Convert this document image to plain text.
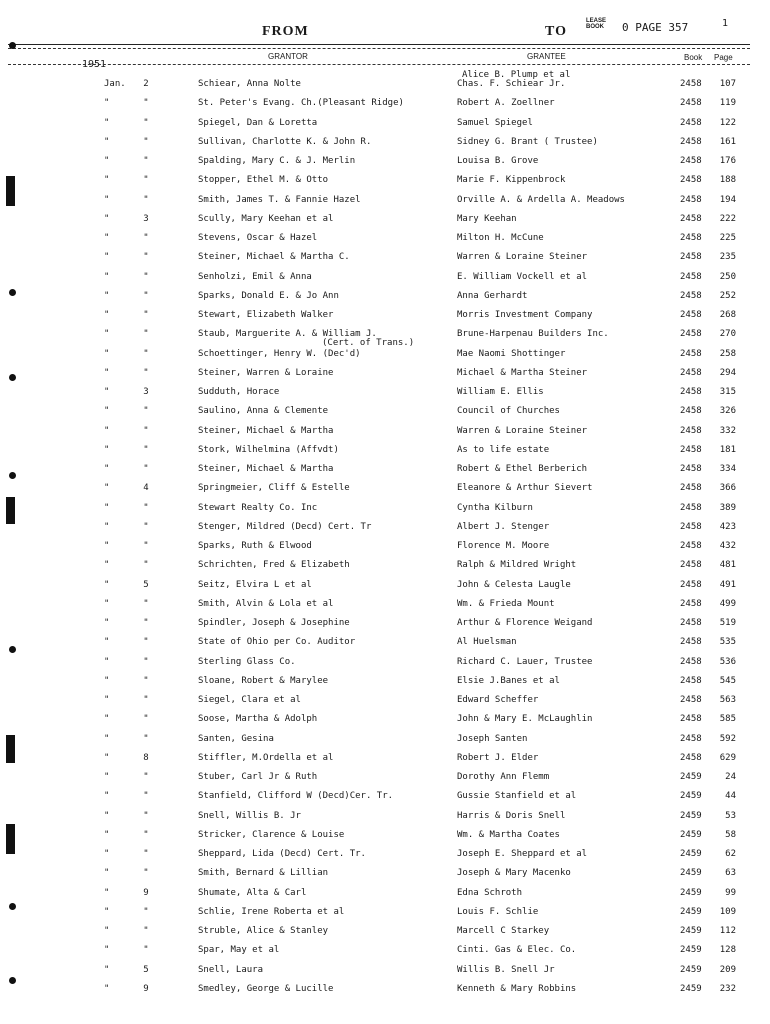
FROM	TO
LEASE BOOK 0 PAGE 357	1
GRANTOR	GRANTEE	Book Page
1951
Jan.	2	Schiear, Anna Nolte	Chas. F. Schiear Jr.	2458	107
Alice B. Plump et al
"	"	St. Peter's Evang. Ch.(Pleasant Ridge)	Robert A. Zoellner	2458	119
"	"	Spiegel, Dan & Loretta	Samuel Spiegel	2458	122
"	"	Sullivan, Charlotte K. & John R.	Sidney G. Brant ( Trustee)	2458	161
"	"	Spalding, Mary C. & J. Merlin	Louisa B. Grove	2458	176
"	"	Stopper, Ethel M. & Otto	Marie F. Kippenbrock	2458	188
"	"	Smith, James T. & Fannie Hazel	Orville A. & Ardella A. Meadows	2458	194
"	3	Scully, Mary Keehan et al	Mary Keehan	2458	222
"	"	Stevens, Oscar & Hazel	Milton H. McCune	2458	225
"	"	Steiner, Michael & Martha C.	Warren & Loraine Steiner	2458	235
"	"	Senholzi, Emil & Anna	E. William Vockell et al	2458	250
"	"	Sparks, Donald E. & Jo Ann	Anna Gerhardt	2458	252
"	"	Stewart, Elizabeth Walker	Morris Investment Company	2458	268
"	"	Staub, Marguerite A. & William J.	Brune-Harpenau Builders Inc.	2458	270
(Cert. of Trans.)
"	"	Schoettinger, Henry W. (Dec'd)	Mae Naomi Shottinger	2458	258
"	"	Steiner, Warren & Loraine	Michael & Martha Steiner	2458	294
"	3	Sudduth, Horace	William E. Ellis	2458	315
"	"	Saulino, Anna & Clemente	Council of Churches	2458	326
"	"	Steiner, Michael & Martha	Warren & Loraine Steiner	2458	332
"	"	Stork, Wilhelmina (Affvdt)	As to life estate	2458	181
"	"	Steiner, Michael & Martha	Robert & Ethel Berberich	2458	334
"	4	Springmeier, Cliff & Estelle	Eleanore & Arthur Sievert	2458	366
"	"	Stewart Realty Co. Inc	Cyntha Kilburn	2458	389
"	"	Stenger, Mildred (Decd) Cert. Tr	Albert J. Stenger	2458	423
"	"	Sparks, Ruth & Elwood	Florence M. Moore	2458	432
"	"	Schrichten, Fred & Elizabeth	Ralph & Mildred Wright	2458	481
"	5	Seitz, Elvira L et al	John & Celesta Laugle	2458	491
"	"	Smith, Alvin & Lola et al	Wm. & Frieda Mount	2458	499
"	"	Spindler, Joseph & Josephine	Arthur & Florence Weigand	2458	519
"	"	State of Ohio per Co. Auditor	Al Huelsman	2458	535
"	"	Sterling Glass Co.	Richard C. Lauer, Trustee	2458	536
"	"	Sloane, Robert & Marylee	Elsie J.Banes et al	2458	545
"	"	Siegel, Clara et al	Edward Scheffer	2458	563
"	"	Soose, Martha & Adolph	John & Mary E. McLaughlin	2458	585
"	"	Santen, Gesina	Joseph Santen	2458	592
"	8	Stiffler, M.Ordella et al	Robert J. Elder	2458	629
"	"	Stuber, Carl Jr & Ruth	Dorothy Ann Flemm	2459	24
"	"	Stanfield, Clifford W (Decd)Cer. Tr.	Gussie Stanfield et al	2459	44
"	"	Snell, Willis B. Jr	Harris & Doris Snell	2459	53
"	"	Stricker, Clarence & Louise	Wm. & Martha Coates	2459	58
"	"	Sheppard, Lida (Decd) Cert. Tr.	Joseph E. Sheppard et al	2459	62
"	"	Smith, Bernard & Lillian	Joseph & Mary Macenko	2459	63
"	9	Shumate, Alta & Carl	Edna Schroth	2459	99
"	"	Schlie, Irene Roberta et al	Louis F. Schlie	2459	109
"	"	Struble, Alice & Stanley	Marcell C Starkey	2459	112
"	"	Spar, May et al	Cinti. Gas & Elec. Co.	2459	128
"	5	Snell, Laura	Willis B. Snell Jr	2459	209
"	9	Smedley, George & Lucille	Kenneth & Mary Robbins	2459	232
